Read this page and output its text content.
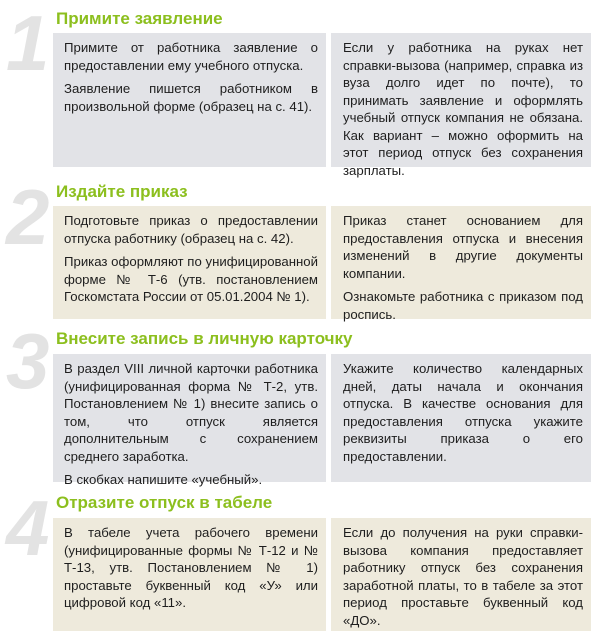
1 Примите заявление

Примите от работника заявление о предоставлении ему учебного отпуска.

Заявление пишется работником в произвольной форме (образец на с. 41).

Если у работника на руках нет справки-вызова (например, справка из вуза долго идет по почте), то принимать заявление и оформлять учебный отпуск компания не обязана. Как вариант – можно оформить на этот период отпуск без сохранения зарплаты.

2 Издайте приказ

Подготовьте приказ о предоставлении отпуска работнику (образец на с. 42).

Приказ оформляют по унифицированной форме № Т-6 (утв. постановлением Госкомстата России от 05.01.2004 № 1).

Приказ станет основанием для предоставления отпуска и внесения изменений в другие документы компании.

Ознакомьте работника с приказом под роспись.

3 Внесите запись в личную карточку

В раздел VIII личной карточки работника (унифицированная форма № Т-2, утв. Постановлением № 1) внесите запись о том, что отпуск является дополнительным с сохранением среднего заработка.

В скобках напишите «учебный».

Укажите количество календарных дней, даты начала и окончания отпуска. В качестве основания для предоставления отпуска укажите реквизиты приказа о его предоставлении.

4 Отразите отпуск в табеле

В табеле учета рабочего времени (унифицированные формы № Т-12 и № Т-13, утв. Постановлением № 1) проставьте буквенный код «У» или цифровой код «11».

Если до получения на руки справки-вызова компания предоставляет работнику отпуск без сохранения заработной платы, то в табеле за этот период проставьте буквенный код «ДО».
